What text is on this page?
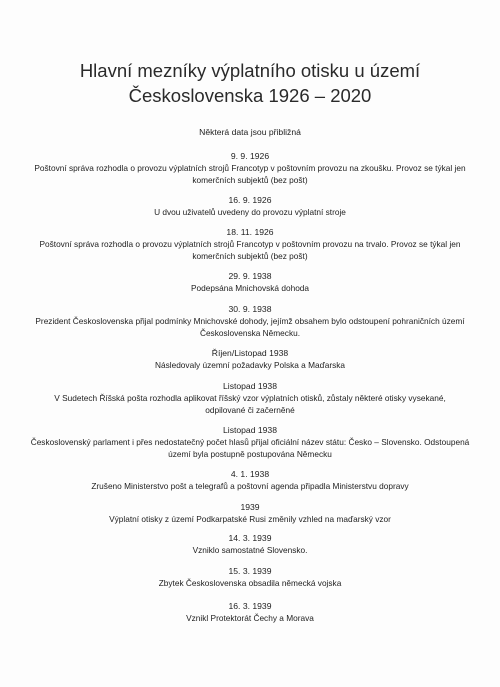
Hlavní mezníky výplatního otisku u území
Československa 1926 – 2020
Některá data jsou přibližná
9. 9. 1926
Poštovní správa rozhodla o provozu výplatních strojů Francotyp v poštovním provozu na zkoušku. Provoz se týkal jen komerčních subjektů (bez pošt)
16. 9. 1926
U dvou uživatelů uvedeny do provozu výplatní stroje
18. 11. 1926
Poštovní správa rozhodla o provozu výplatních strojů Francotyp v poštovním provozu na trvalo. Provoz se týkal jen komerčních subjektů (bez pošt)
29. 9. 1938
Podepsána Mnichovská dohoda
30. 9. 1938
Prezident Československa přijal podmínky Mnichovské dohody, jejímž obsahem bylo odstoupení pohraničních území Československa Německu.
Říjen/Listopad 1938
Následovaly územní požadavky Polska a Maďarska
Listopad 1938
V Sudetech Říšská pošta rozhodla aplikovat říšský vzor výplatních otisků, zůstaly některé otisky vysekané, odpilované či začerněné
Listopad 1938
Československý parlament i přes nedostatečný počet hlasů přijal oficiální název státu: Česko – Slovensko. Odstoupená území byla postupně postupována Německu
4. 1. 1938
Zrušeno Ministerstvo pošt a telegrafů a poštovní agenda připadla Ministerstvu dopravy
1939
Výplatní otisky z území Podkarpatské Rusi změnily vzhled na maďarský vzor
14. 3. 1939
Vzniklo samostatné Slovensko.
15. 3. 1939
Zbytek Československa obsadila německá vojska
16. 3. 1939
Vznikl Protektorát Čechy a Morava
